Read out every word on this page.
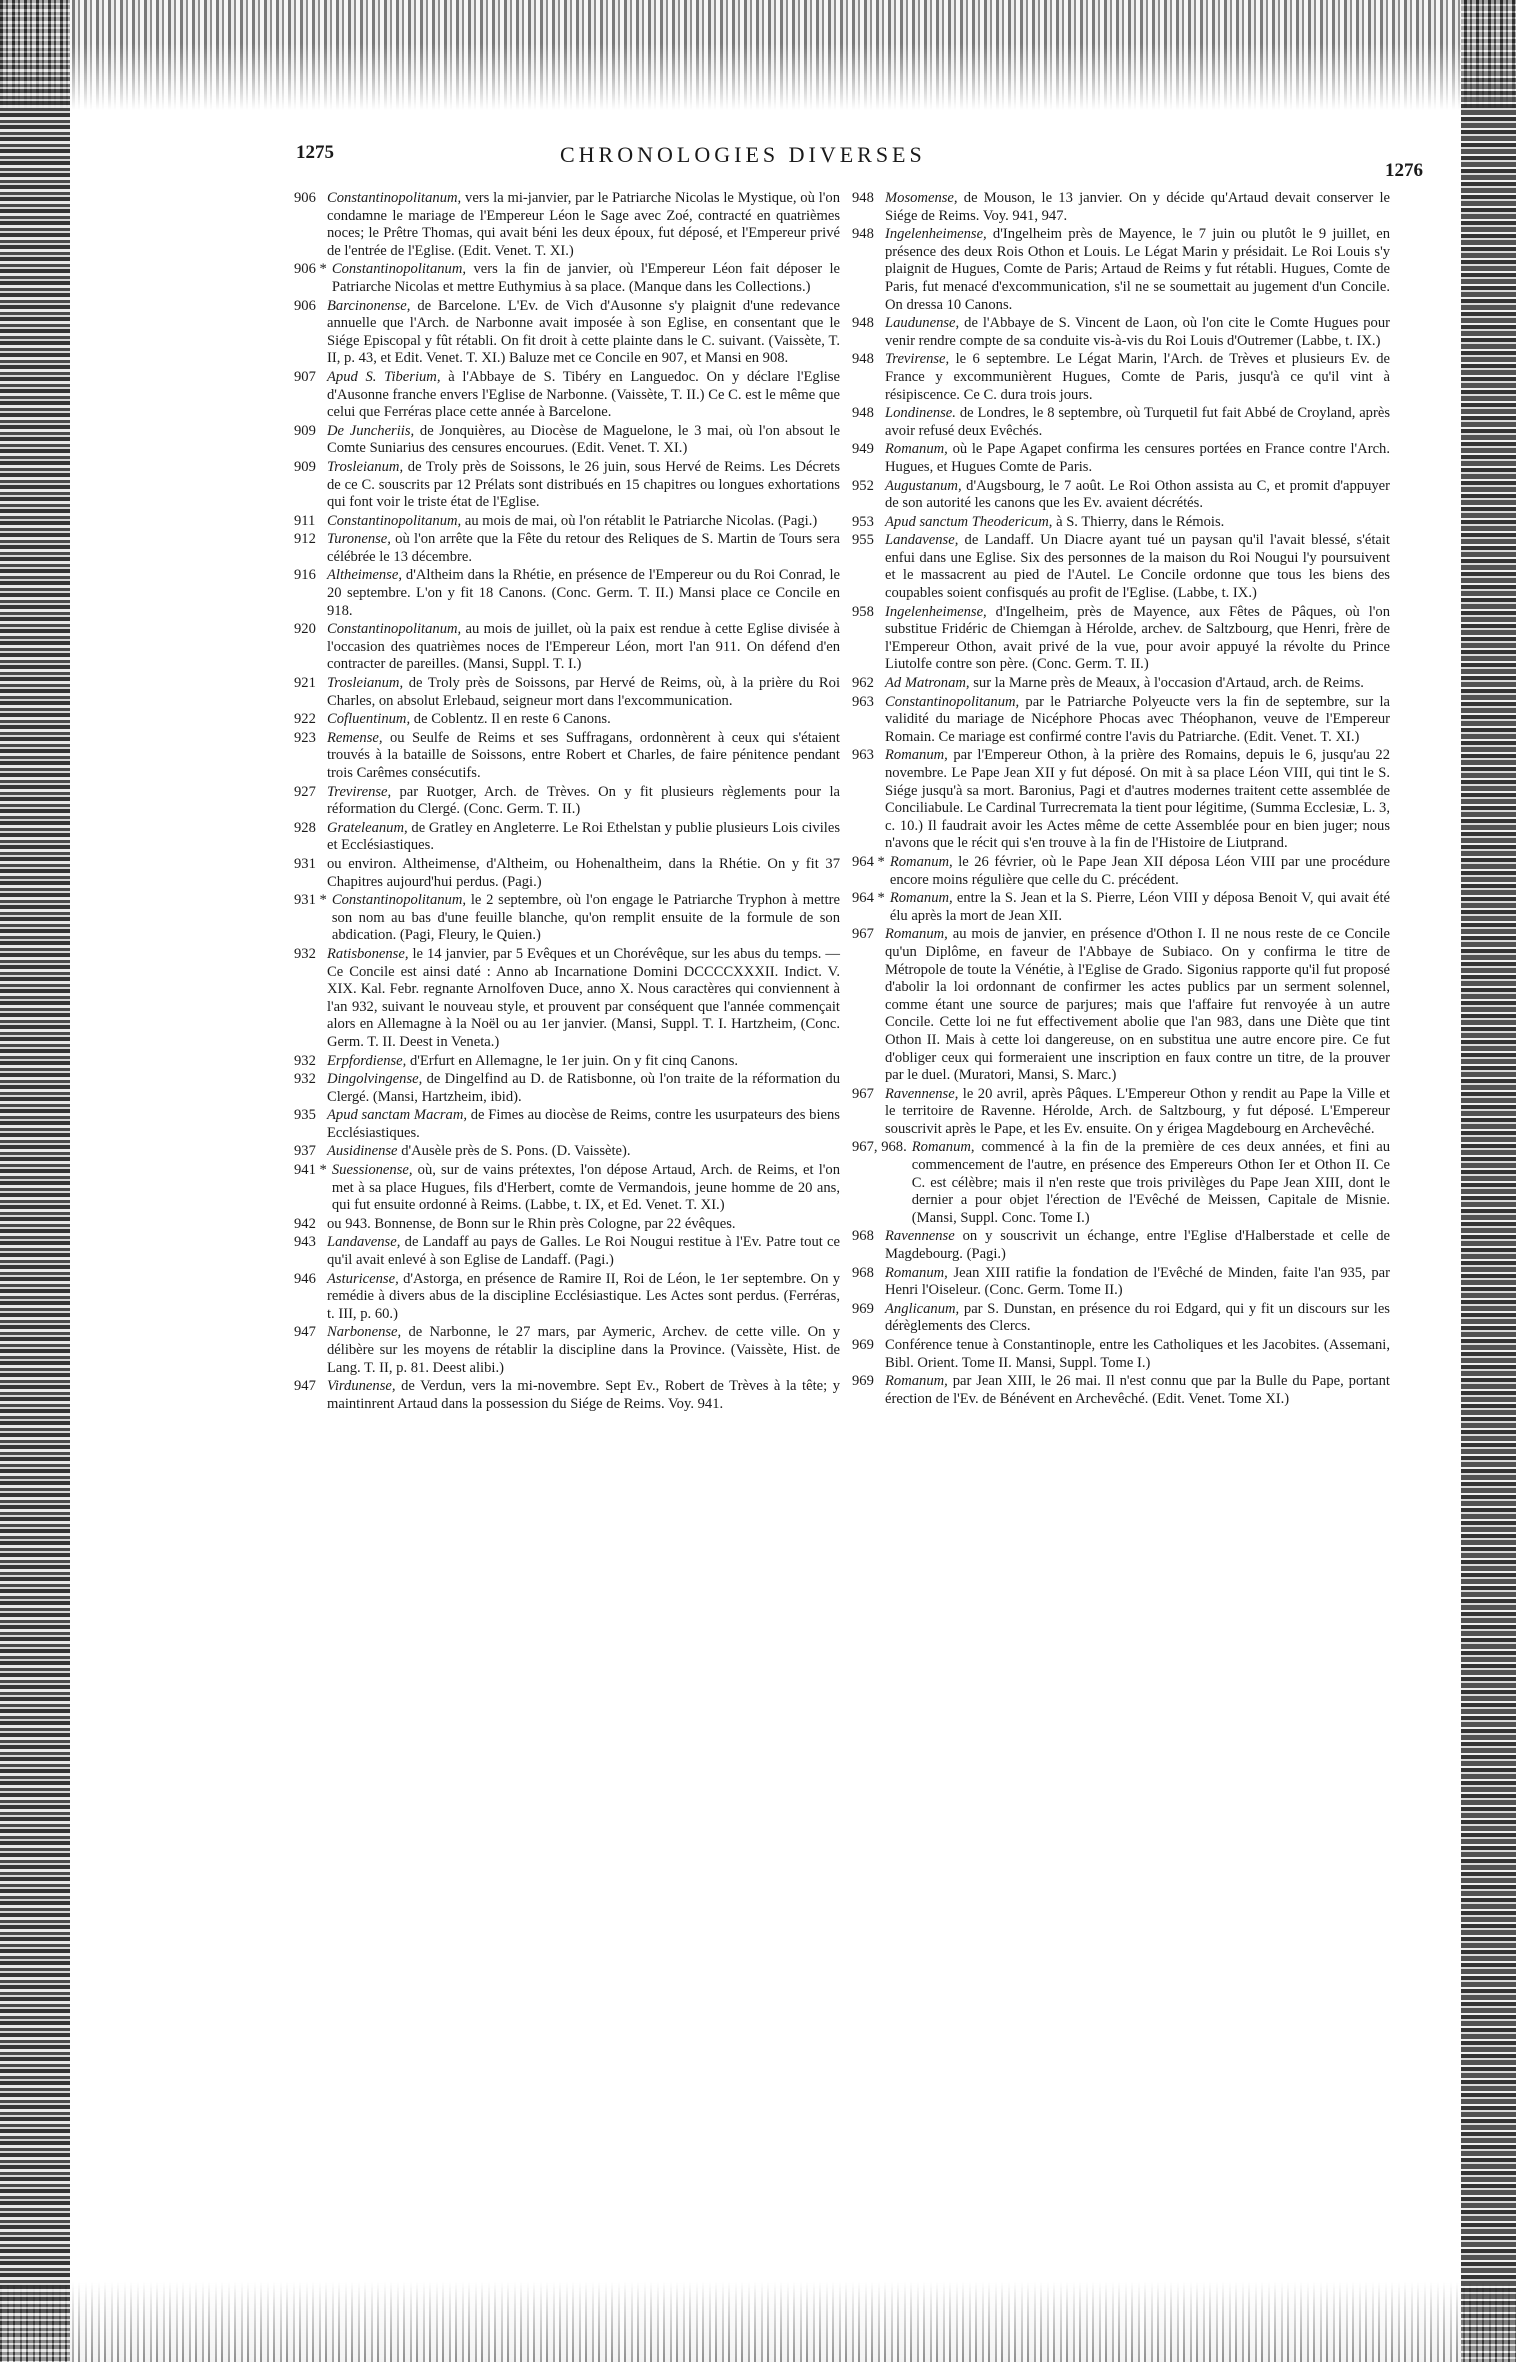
1275	CHRONOLOGIES DIVERSES
1276
906 Constantinopolitanum, vers la mi-janvier, par le Patriarche Nicolas le Mystique, où l'on condamne le mariage de l'Empereur Léon le Sage avec Zoé, contracté en quatrièmes noces; le Prêtre Thomas, qui avait béni les deux époux, fut déposé, et l'Empereur privé de l'entrée de l'Eglise. (Edit. Venet. T. XI.)
906 * Constantinopolitanum, vers la fin de janvier, où l'Empereur Léon fait déposer le Patriarche Nicolas et mettre Euthymius à sa place. (Manque dans les Collections.)
906 Barcinonense, de Barcelone. L'Ev. de Vich d'Ausonne s'y plaignit d'une redevance annuelle que l'Arch. de Narbonne avait imposée à son Eglise, en consentant que le Siége Episcopal y fût rétabli. On fit droit à cette plainte dans le C. suivant. (Vaissète, T. II, p. 43, et Edit. Venet. T. XI.) Baluze met ce Concile en 907, et Mansi en 908.
907 Apud S. Tiberium, à l'Abbaye de S. Tibéry en Languedoc. On y déclare l'Eglise d'Ausonne franche envers l'Eglise de Narbonne. (Vaissète, T. II.) Ce C. est le même que celui que Ferréras place cette année à Barcelone.
909 De Juncheriis, de Jonquières, au Diocèse de Maguelone, le 3 mai, où l'on absout le Comte Suniarius des censures encourues. (Edit. Venet. T. XI.)
909 Trosleianum, de Troly près de Soissons, le 26 juin, sous Hervé de Reims. Les Décrets de ce C. souscrits par 12 Prélats sont distribués en 15 chapitres ou longues exhortations qui font voir le triste état de l'Eglise.
911 Constantinopolitanum, au mois de mai, où l'on rétablit le Patriarche Nicolas. (Pagi.)
912 Turonense, où l'on arrête que la Fête du retour des Reliques de S. Martin de Tours sera célébrée le 13 décembre.
916 Altheimense, d'Altheim dans la Rhétie, en présence de l'Empereur ou du Roi Conrad, le 20 septembre. L'on y fit 18 Canons. (Conc. Germ. T. II.) Mansi place ce Concile en 918.
920 Constantinopolitanum, au mois de juillet, où la paix est rendue à cette Eglise divisée à l'occasion des quatrièmes noces de l'Empereur Léon, mort l'an 911. On défend d'en contracter de pareilles. (Mansi, Suppl. T. I.)
921 Trosleianum, de Troly près de Soissons, par Hervé de Reims, où, à la prière du Roi Charles, on absolut Erlebaud, seigneur mort dans l'excommunication.
922 Cofluentinum, de Coblentz. Il en reste 6 Canons.
923 Remense, ou Seulfe de Reims et ses Suffragans, ordonnèrent à ceux qui s'étaient trouvés à la bataille de Soissons, entre Robert et Charles, de faire pénitence pendant trois Carêmes consécutifs.
927 Trevirense, par Ruotger, Arch. de Trèves. On y fit plusieurs règlements pour la réformation du Clergé. (Conc. Germ. T. II.)
928 Grateleanum, de Gratley en Angleterre. Le Roi Ethelstan y publie plusieurs Lois civiles et Ecclésiastiques.
931 ou environ. Altheimense, d'Altheim, ou Hohenaltheim, dans la Rhétie. On y fit 37 Chapitres aujourd'hui perdus. (Pagi.)
931 * Constantinopolitanum, le 2 septembre, où l'on engage le Patriarche Tryphon à mettre son nom au bas d'une feuille blanche, qu'on remplit ensuite de la formule de son abdication. (Pagi, Fleury, le Quien.)
932 Ratisbonense, le 14 janvier, par 5 Evêques et un Chorévêque, sur les abus du temps. — Ce Concile est ainsi daté : Anno ab Incarnatione Domini DCCCCXXXII. Indict. V. XIX. Kal. Febr. regnante Arnolfoven Duce, anno X. Nous caractères qui conviennent à l'an 932, suivant le nouveau style, et prouvent par conséquent que l'année commençait alors en Allemagne à la Noël ou au 1er janvier. (Mansi, Suppl. T. I. Hartzheim, (Conc. Germ. T. II. Deest in Veneta.)
932 Erpfordiense, d'Erfurt en Allemagne, le 1er juin. On y fit cinq Canons.
932 Dingolvingense, de Dingelfind au D. de Ratisbonne, où l'on traite de la réformation du Clergé. (Mansi, Hartzheim, ibid).
935 Apud sanctam Macram, de Fimes au diocèse de Reims, contre les usurpateurs des biens Ecclésiastiques.
937 Ausidinense d'Ausèle près de S. Pons. (D. Vaissète).
941 * Suessionense, où, sur de vains prétextes, l'on dépose Artaud, Arch. de Reims, et l'on met à sa place Hugues, fils d'Herbert, comte de Vermandois, jeune homme de 20 ans, qui fut ensuite ordonné à Reims. (Labbe, t. IX, et Ed. Venet. T. XI.)
942 ou 943. Bonnense, de Bonn sur le Rhin près Cologne, par 22 évêques.
943 Landavense, de Landaff au pays de Galles. Le Roi Nougui restitue à l'Ev. Patre tout ce qu'il avait enlevé à son Eglise de Landaff. (Pagi.)
946 Asturicense, d'Astorga, en présence de Ramire II, Roi de Léon, le 1er septembre. On y remédie à divers abus de la discipline Ecclésiastique. Les Actes sont perdus. (Ferréras, t. III, p. 60.)
947 Narbonense, de Narbonne, le 27 mars, par Aymeric, Archev. de cette ville. On y délibère sur les moyens de rétablir la discipline dans la Province. (Vaissète, Hist. de Lang. T. II, p. 81. Deest alibi.)
947 Virdunense, de Verdun, vers la mi-novembre. Sept Ev., Robert de Trèves à la tête; y maintinrent Artaud dans la possession du Siége de Reims. Voy. 941.
948 Mosomense, de Mouson, le 13 janvier. On y décide qu'Artaud devait conserver le Siége de Reims. Voy. 941, 947.
948 Ingelenheimense, d'Ingelheim près de Mayence, le 7 juin ou plutôt le 9 juillet, en présence des deux Rois Othon et Louis. Le Légat Marin y présidait. Le Roi Louis s'y plaignit de Hugues, Comte de Paris; Artaud de Reims y fut rétabli. Hugues, Comte de Paris, fut menacé d'excommunication, s'il ne se soumettait au jugement d'un Concile. On dressa 10 Canons.
948 Laudunense, de l'Abbaye de S. Vincent de Laon, où l'on cite le Comte Hugues pour venir rendre compte de sa conduite vis-à-vis du Roi Louis d'Outremer (Labbe, t. IX.)
948 Trevirense, le 6 septembre. Le Légat Marin, l'Arch. de Trèves et plusieurs Ev. de France y excommunièrent Hugues, Comte de Paris, jusqu'à ce qu'il vint à résipiscence. Ce C. dura trois jours.
948 Londinense. de Londres, le 8 septembre, où Turquetil fut fait Abbé de Croyland, après avoir refusé deux Evêchés.
949 Romanum, où le Pape Agapet confirma les censures portées en France contre l'Arch. Hugues, et Hugues Comte de Paris.
952 Augustanum, d'Augsbourg, le 7 août. Le Roi Othon assista au C, et promit d'appuyer de son autorité les canons que les Ev. avaient décrétés.
953 Apud sanctum Theodericum, à S. Thierry, dans le Rémois.
955 Landavense, de Landaff. Un Diacre ayant tué un paysan qu'il l'avait blessé, s'était enfui dans une Eglise. Six des personnes de la maison du Roi Nougui l'y poursuivent et le massacrent au pied de l'Autel. Le Concile ordonne que tous les biens des coupables soient confisqués au profit de l'Eglise. (Labbe, t. IX.)
958 Ingelenheimense, d'Ingelheim, près de Mayence, aux Fêtes de Pâques, où l'on substitue Fridéric de Chiemgan à Hérolde, archev. de Saltzbourg, que Henri, frère de l'Empereur Othon, avait privé de la vue, pour avoir appuyé la révolte du Prince Liutolfe contre son père. (Conc. Germ. T. II.)
962 Ad Matronam, sur la Marne près de Meaux, à l'occasion d'Artaud, arch. de Reims.
963 Constantinopolitanum, par le Patriarche Polyeucte vers la fin de septembre, sur la validité du mariage de Nicéphore Phocas avec Théophanon, veuve de l'Empereur Romain. Ce mariage est confirmé contre l'avis du Patriarche. (Edit. Venet. T. XI.)
963 Romanum, par l'Empereur Othon, à la prière des Romains, depuis le 6, jusqu'au 22 novembre. Le Pape Jean XII y fut déposé. On mit à sa place Léon VIII, qui tint le S. Siége jusqu'à sa mort. Baronius, Pagi et d'autres modernes traitent cette assemblée de Conciliabule. Le Cardinal Turrecremata la tient pour légitime, (Summa Ecclesiæ, L. 3, c. 10.) Il faudrait avoir les Actes même de cette Assemblée pour en bien juger; nous n'avons que le récit qui s'en trouve à la fin de l'Histoire de Liutprand.
964 * Romanum, le 26 février, où le Pape Jean XII déposa Léon VIII par une procédure encore moins régulière que celle du C. précédent.
964 * Romanum, entre la S. Jean et la S. Pierre, Léon VIII y déposa Benoit V, qui avait été élu après la mort de Jean XII.
967 Romanum, au mois de janvier, en présence d'Othon I. Il ne nous reste de ce Concile qu'un Diplôme, en faveur de l'Abbaye de Subiaco. On y confirma le titre de Métropole de toute la Vénétie, à l'Eglise de Grado. Sigonius rapporte qu'il fut proposé d'abolir la loi ordonnant de confirmer les actes publics par un serment solennel, comme étant une source de parjures; mais que l'affaire fut renvoyée à un autre Concile. Cette loi ne fut effectivement abolie que l'an 983, dans une Diète que tint Othon II. Mais à cette loi dangereuse, on en substitua une autre encore pire. Ce fut d'obliger ceux qui formeraient une inscription en faux contre un titre, de la prouver par le duel. (Muratori, Mansi, S. Marc.)
967 Ravennense, le 20 avril, après Pâques. L'Empereur Othon y rendit au Pape la Ville et le territoire de Ravenne. Hérolde, Arch. de Saltzbourg, y fut déposé. L'Empereur souscrivit après le Pape, et les Ev. ensuite. On y érigea Magdebourg en Archevêché.
967, 968. Romanum, commencé à la fin de la première de ces deux années, et fini au commencement de l'autre, en présence des Empereurs Othon Ier et Othon II. Ce C. est célèbre; mais il n'en reste que trois privilèges du Pape Jean XIII, dont le dernier a pour objet l'érection de l'Evêché de Meissen, Capitale de Misnie. (Mansi, Suppl. Conc. Tome I.)
968 Ravennense on y souscrivit un échange, entre l'Eglise d'Halberstade et celle de Magdebourg. (Pagi.)
968 Romanum, Jean XIII ratifie la fondation de l'Evêché de Minden, faite l'an 935, par Henri l'Oiseleur. (Conc. Germ. Tome II.)
969 Anglicanum, par S. Dunstan, en présence du roi Edgard, qui y fit un discours sur les dérèglements des Clercs.
969 Conférence tenue à Constantinople, entre les Catholiques et les Jacobites. (Assemani, Bibl. Orient. Tome II. Mansi, Suppl. Tome I.)
969 Romanum, par Jean XIII, le 26 mai. Il n'est connu que par la Bulle du Pape, portant érection de l'Ev. de Bénévent en Archevêché. (Edit. Venet. Tome XI.)
